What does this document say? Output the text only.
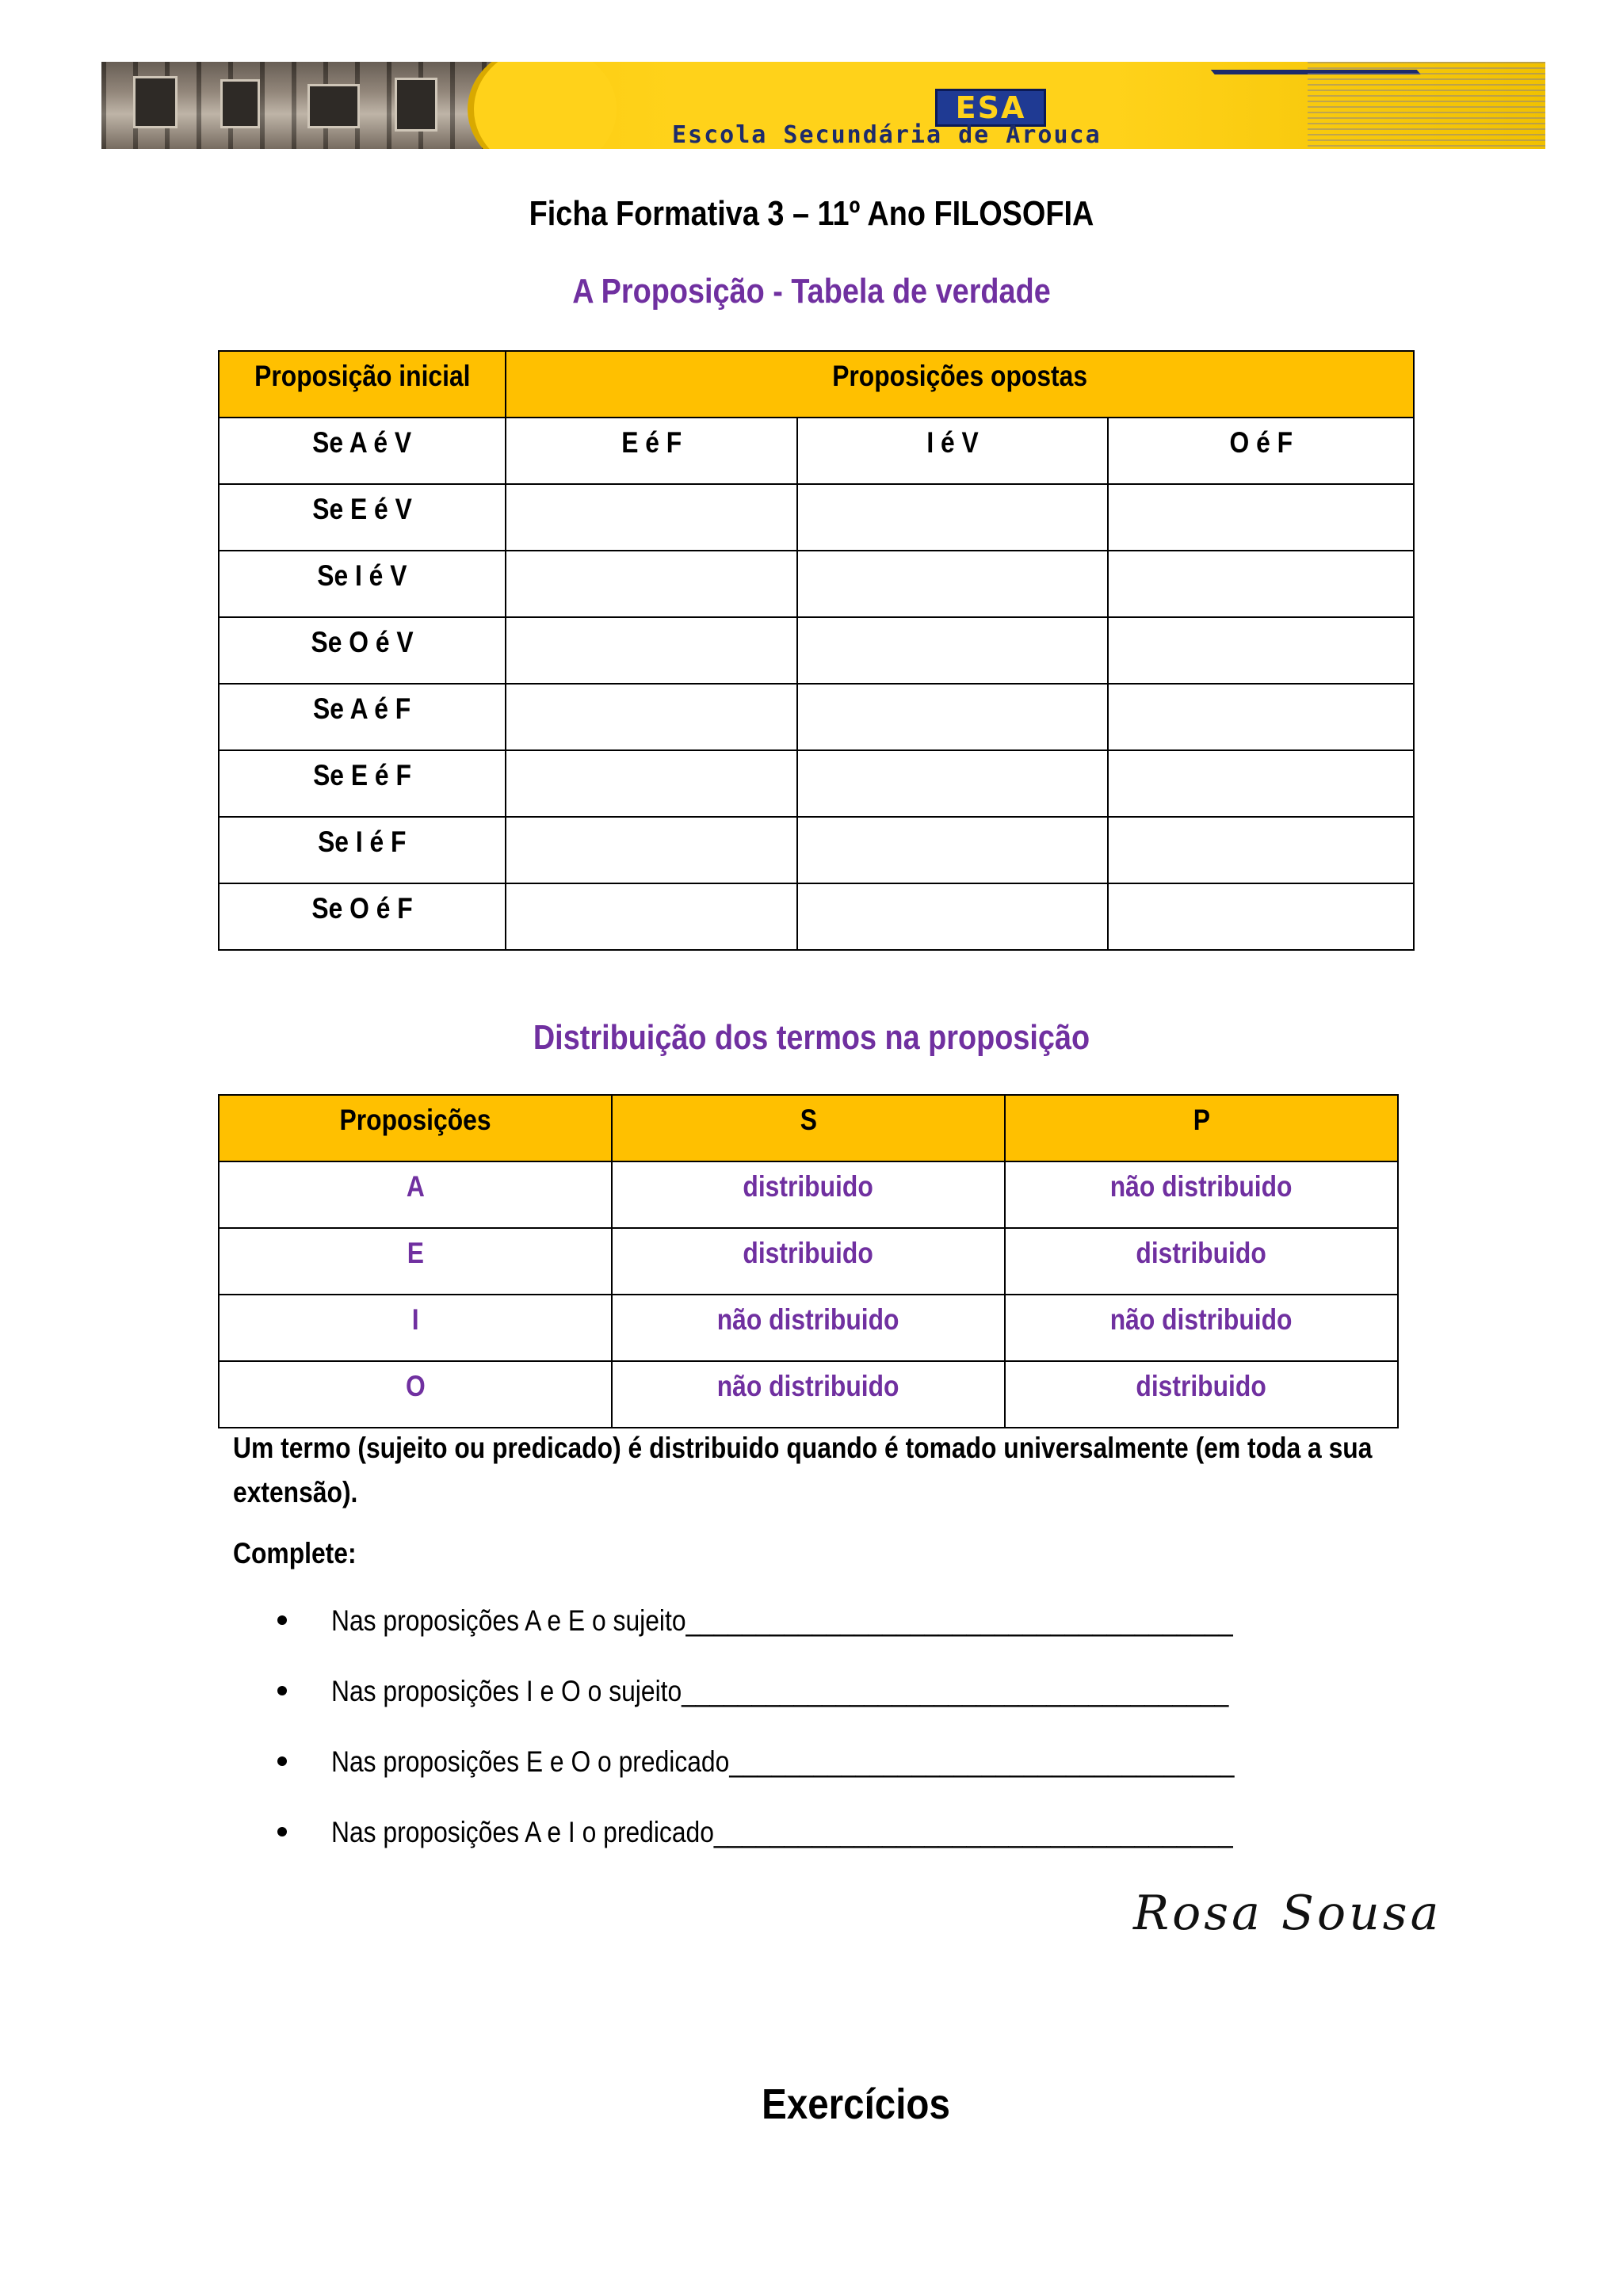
ESA
Escola Secundária de Arouca
Ficha Formativa 3 – 11º Ano FILOSOFIA
A Proposição - Tabela de verdade
Proposição inicial	Proposições opostas		
Se A é V	E é F	I é V	O é F
Se E é V			
Se I é V			
Se O é V			
Se A é F			
Se E é F			
Se I é F			
Se O é F			
Distribuição dos termos na proposição
Proposições	S	P
A	distribuido	não distribuido
E	distribuido	distribuido
I	não distribuido	não distribuido
O	não distribuido	distribuido
Um termo (sujeito ou predicado) é distribuido quando é tomado universalmente (em toda a sua extensão).
Complete:
Nas proposições A e E o sujeito_______________________________________
Nas proposições I e O o sujeito_______________________________________
Nas proposições E e O o predicado____________________________________
Nas proposições A e I o predicado_____________________________________
Rosa Sousa
Exercícios
